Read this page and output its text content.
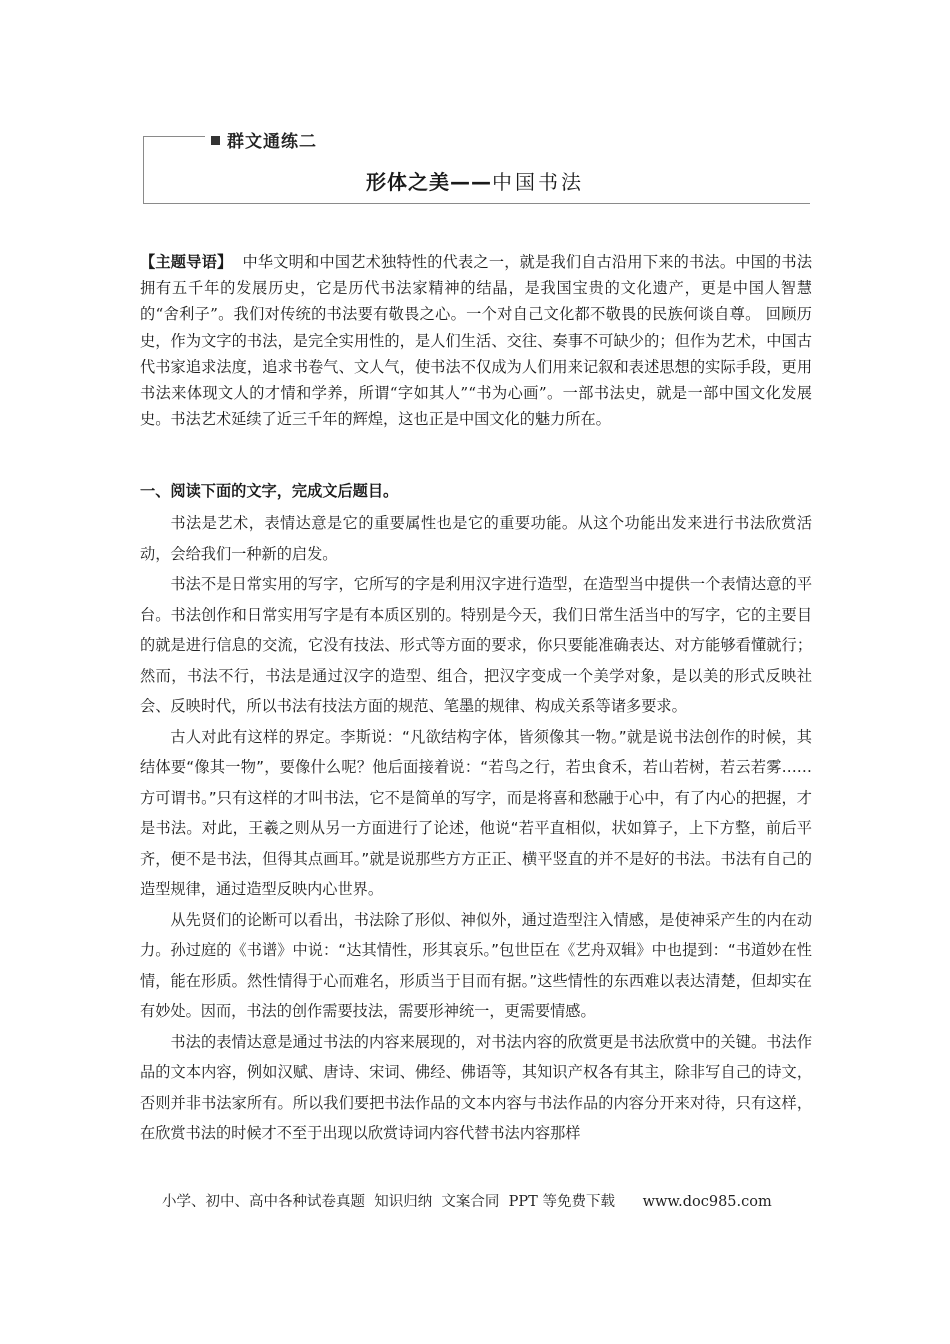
群文通练二
形体之美——中国书法
【主题导语】 中华文明和中国艺术独特性的代表之一，就是我们自古沿用下来的书法。中国的书法拥有五千年的发展历史，它是历代书法家精神的结晶，是我国宝贵的文化遗产，更是中国人智慧的“舍利子”。我们对传统的书法要有敬畏之心。一个对自己文化都不敬畏的民族何谈自尊。 回顾历史，作为文字的书法，是完全实用性的，是人们生活、交往、奏事不可缺少的；但作为艺术，中国古代书家追求法度，追求书卷气、文人气，使书法不仅成为人们用来记叙和表述思想的实际手段，更用书法来体现文人的才情和学养，所谓“字如其人”“书为心画”。一部书法史，就是一部中国文化发展史。书法艺术延续了近三千年的辉煌，这也正是中国文化的魅力所在。
一、阅读下面的文字，完成文后题目。

书法是艺术，表情达意是它的重要属性也是它的重要功能。从这个功能出发来进行书法欣赏活动，会给我们一种新的启发。

书法不是日常实用的写字，它所写的字是利用汉字进行造型，在造型当中提供一个表情达意的平台。书法创作和日常实用写字是有本质区别的。特别是今天，我们日常生活当中的写字，它的主要目的就是进行信息的交流，它没有技法、形式等方面的要求，你只要能准确表达、对方能够看懂就行；然而，书法不行，书法是通过汉字的造型、组合，把汉字变成一个美学对象，是以美的形式反映社会、反映时代，所以书法有技法方面的规范、笔墨的规律、构成关系等诸多要求。

古人对此有这样的界定。李斯说：“凡欲结构字体，皆须像其一物。”就是说书法创作的时候，其结体要“像其一物”，要像什么呢？他后面接着说：“若鸟之行，若虫食禾，若山若树，若云若雾……方可谓书。”只有这样的才叫书法，它不是简单的写字，而是将喜和愁融于心中，有了内心的把握，才是书法。对此，王羲之则从另一方面进行了论述，他说“若平直相似，状如算子，上下方整，前后平齐，便不是书法，但得其点画耳。”就是说那些方方正正、横平竖直的并不是好的书法。书法有自己的造型规律，通过造型反映内心世界。

从先贤们的论断可以看出，书法除了形似、神似外，通过造型注入情感，是使神采产生的内在动力。孙过庭的《书谱》中说：“达其情性，形其哀乐。”包世臣在《艺舟双辑》中也提到：“书道妙在性情，能在形质。然性情得于心而难名，形质当于目而有据。”这些情性的东西难以表达清楚，但却实在有妙处。因而，书法的创作需要技法，需要形神统一，更需要情感。

书法的表情达意是通过书法的内容来展现的，对书法内容的欣赏更是书法欣赏中的关键。书法作品的文本内容，例如汉赋、唐诗、宋词、佛经、佛语等，其知识产权各有其主，除非写自己的诗文，否则并非书法家所有。所以我们要把书法作品的文本内容与书法作品的内容分开来对待，只有这样，在欣赏书法的时候才不至于出现以欣赏诗词内容代替书法内容那样

小学、初中、高中各种试卷真题  知识归纳  文案合同  PPT 等免费下载      www.doc985.com
